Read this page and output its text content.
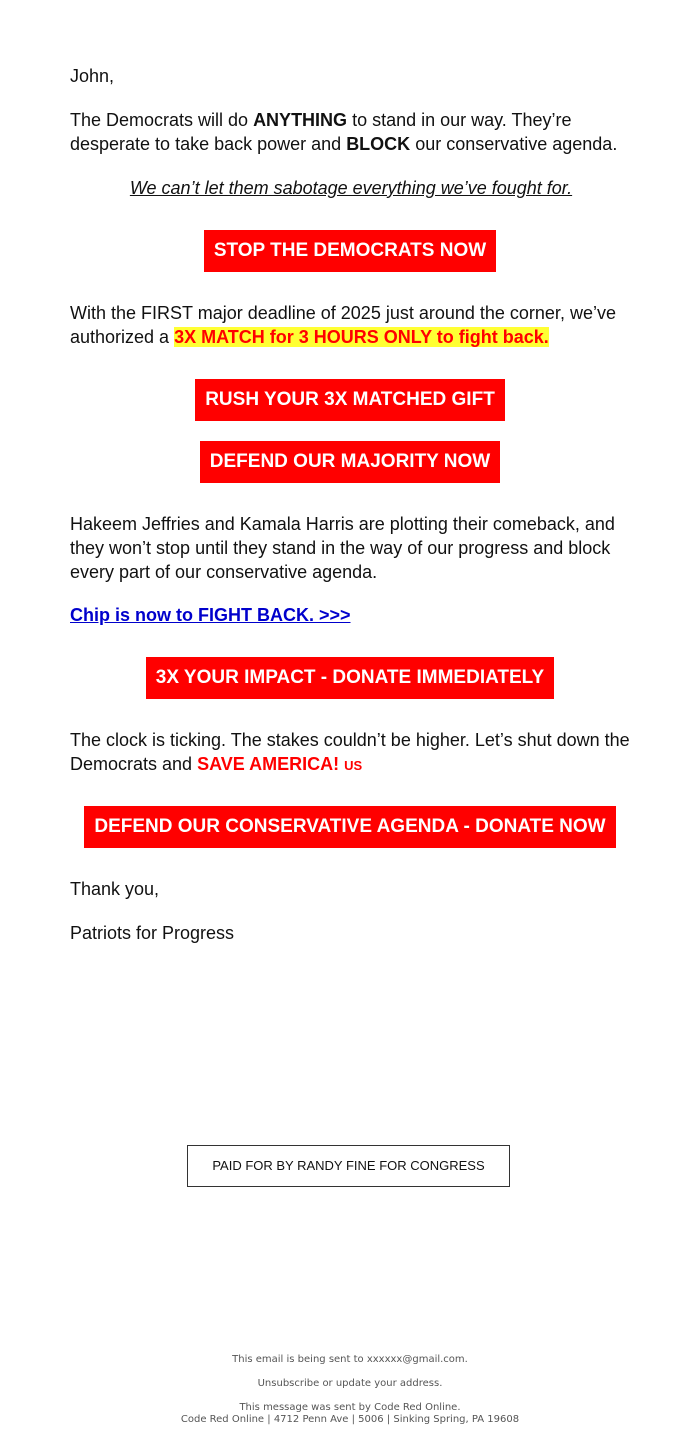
John,

The Democrats will do ANYTHING to stand in our way. They’re desperate to take back power and BLOCK our conservative agenda.

We can’t let them sabotage everything we’ve fought for.

STOP THE DEMOCRATS NOW

With the FIRST major deadline of 2025 just around the corner, we’ve authorized a 3X MATCH for 3 HOURS ONLY to fight back.

RUSH YOUR 3X MATCHED GIFT
DEFEND OUR MAJORITY NOW

Hakeem Jeffries and Kamala Harris are plotting their comeback, and they won’t stop until they stand in the way of our progress and block every part of our conservative agenda.

Chip is now to FIGHT BACK. >>>

3X YOUR IMPACT - DONATE IMMEDIATELY

The clock is ticking. The stakes couldn’t be higher. Let’s shut down the Democrats and SAVE AMERICA! US

DEFEND OUR CONSERVATIVE AGENDA - DONATE NOW

Thank you,

Patriots for Progress

PAID FOR BY RANDY FINE FOR CONGRESS
This email is being sent to xxxxxx@gmail.com.
Unsubscribe or update your address.
This message was sent by Code Red Online.
Code Red Online | 4712 Penn Ave | 5006 | Sinking Spring, PA 19608
